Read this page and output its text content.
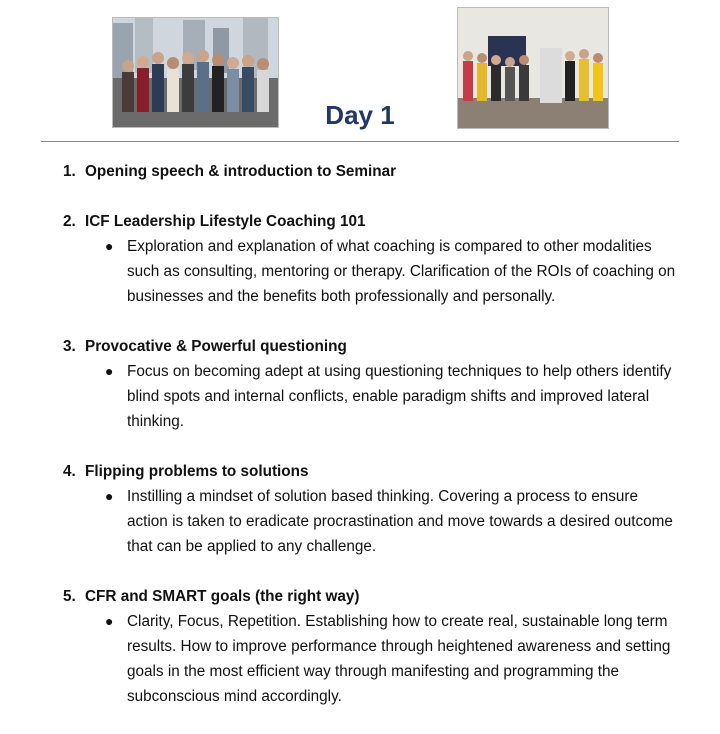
Day 1
1. Opening speech & introduction to Seminar
2. ICF Leadership Lifestyle Coaching 101
● Exploration and explanation of what coaching is compared to other modalities such as consulting, mentoring or therapy. Clarification of the ROIs of coaching on businesses and the benefits both professionally and personally.
3. Provocative & Powerful questioning
● Focus on becoming adept at using questioning techniques to help others identify blind spots and internal conflicts, enable paradigm shifts and improved lateral thinking.
4. Flipping problems to solutions
● Instilling a mindset of solution based thinking. Covering a process to ensure action is taken to eradicate procrastination and move towards a desired outcome that can be applied to any challenge.
5. CFR and SMART goals (the right way)
● Clarity, Focus, Repetition. Establishing how to create real, sustainable long term results. How to improve performance through heightened awareness and setting goals in the most efficient way through manifesting and programming the subconscious mind accordingly.
